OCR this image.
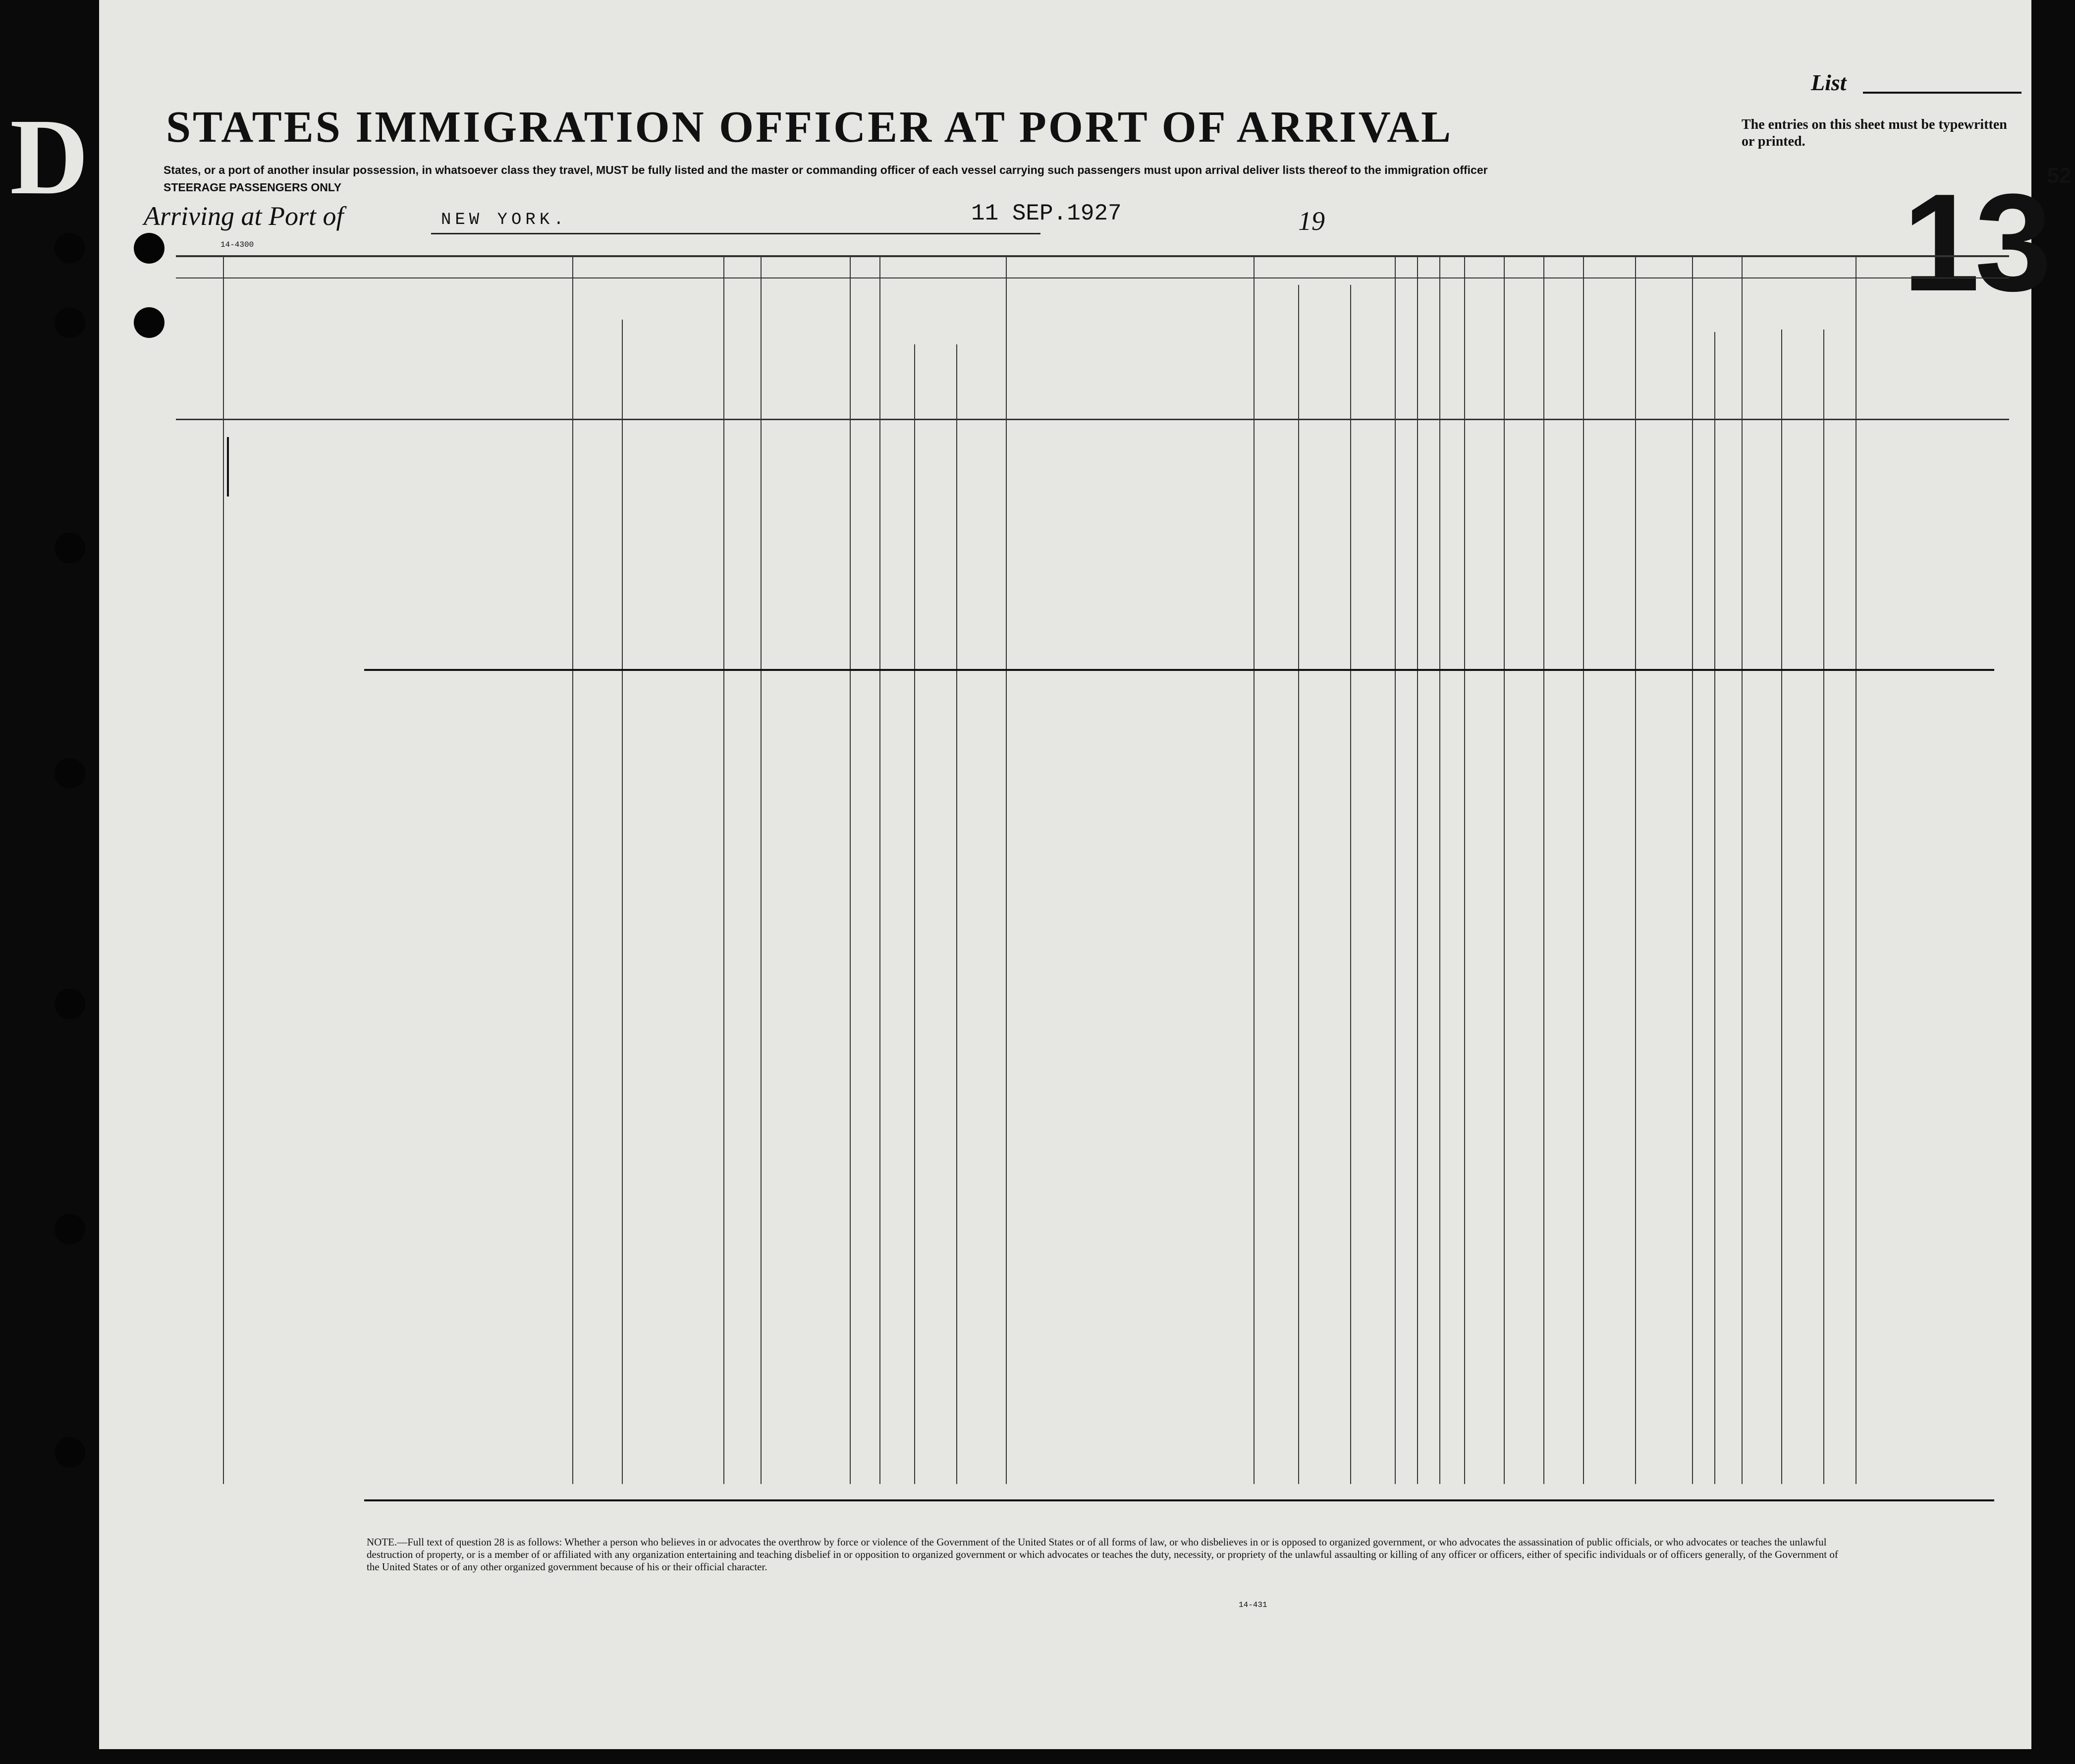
D
List
STATES IMMIGRATION OFFICER AT PORT OF ARRIVAL	The entries on this sheet must be typewritten or printed.
States, or a port of another insular possession, in whatsoever class they travel, MUST be fully listed and the master or commanding officer of each vessel carrying such passengers must upon arrival deliver lists thereof to the immigration officer
STEERAGE PASSENGERS ONLY
Arriving at Port of	NEW YORK.	11 SEP.1927	19
14-4300	$13^{52}$
NOTE.—Full text of question 28 is as follows: Whether a person who believes in or advocates the overthrow by force or violence of the Government of the United States or of all forms of law, or who disbelieves in or is opposed to organized government, or who advocates the assassination of public officials, or who advocates or teaches the unlawful destruction of property, or is a member of or affiliated with any organization entertaining and teaching disbelief in or opposition to organized government or which advocates or teaches the duty, necessity, or propriety of the unlawful assaulting or killing of any officer or officers, either of specific individuals or of officers generally, of the Government of the United States or of any other organized government because of his or their official character.
14-431
